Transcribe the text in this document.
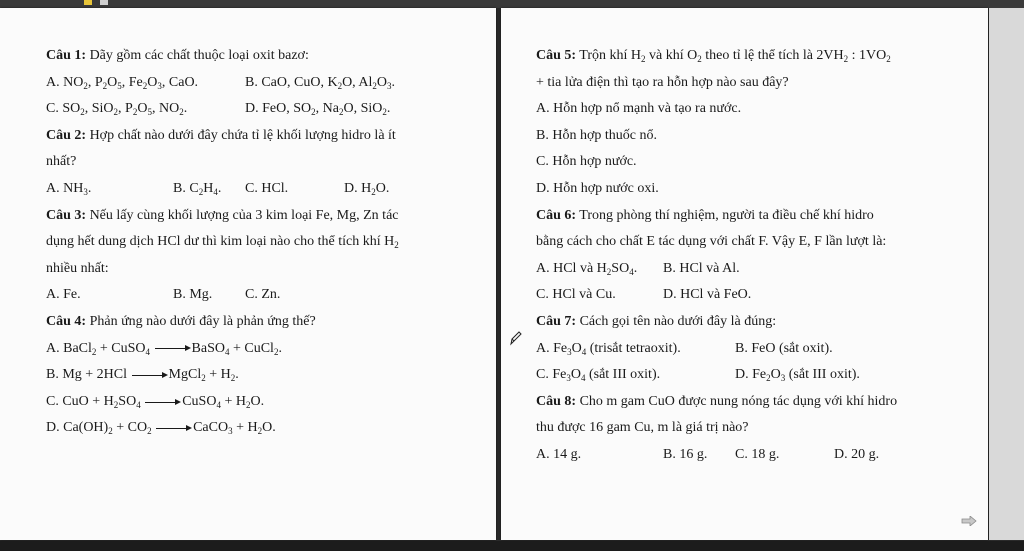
Câu 1: Dãy gồm các chất thuộc loại oxit bazơ:
A. $NO_2$, $P_2O_5$, $Fe_2O_3$, CaO.	B. CaO, CuO, $K_2O$, $Al_2O_3$.
C. $SO_2$, SiO$_2$, $P_2O_5$, $NO_2$.	D. FeO, $SO_2$, $Na_2O$, SiO$_2$.
Câu 2: Hợp chất nào dưới đây chứa tỉ lệ khối lượng hidro là ít
nhất?
A. $NH_3$.	B. $C_2H_4$. C. HCl.	D. $H_2O$.
Câu 3: Nếu lấy cùng khối lượng của 3 kim loại Fe, Mg, Zn tác
dụng hết dung dịch HCl dư thì kim loại nào cho thể tích khí $H_2$
nhiều nhất:
A. Fe.	B. Mg. C. Zn.
Câu 4: Phản ứng nào dưới đây là phản ứng thế?
A. BaCl$_2$ + CuSO$_4$	BaSO$_4$ + CuCl$_2$.
B. Mg + 2HCl	MgCl$_2$ + $H_2$.
C. CuO + $H_2SO_4$	CuSO$_4$ + $H_2O$.
D. $Ca(OH)_2 + CO_2$	CaCO$_3$ + $H_2O$.
Câu 5: Trộn khí $H_2$ và khí $O_2$ theo tỉ lệ thể tích là $2VH_2$ : $1VO_2$
+ tia lửa điện thì tạo ra hỗn hợp nào sau đây?
A. Hỗn hợp nổ mạnh và tạo ra nước.
B. Hỗn hợp thuốc nổ.
C. Hỗn hợp nước.
D. Hỗn hợp nước oxi.
Câu 6: Trong phòng thí nghiệm, người ta điều chế khí hidro
bằng cách cho chất E tác dụng với chất F. Vậy E, F lần lượt là:
A. HCl và $H_2SO_4$. B. HCl và Al.
C. HCl và Cu.	D. HCl và FeO.
Câu 7: Cách gọi tên nào dưới đây là đúng:
A. $Fe_3O_4$ (trisắt tetraoxit).	B. FeO (sắt oxit).
C. $Fe_3O_4$ (sắt III oxit).	D. $Fe_2O_3$ (sắt III oxit).
Câu 8: Cho m gam CuO được nung nóng tác dụng với khí hidro
thu được 16 gam Cu, m là giá trị nào?
A. 14 g.	B. 16 g. C. 18 g.	D. 20 g.
